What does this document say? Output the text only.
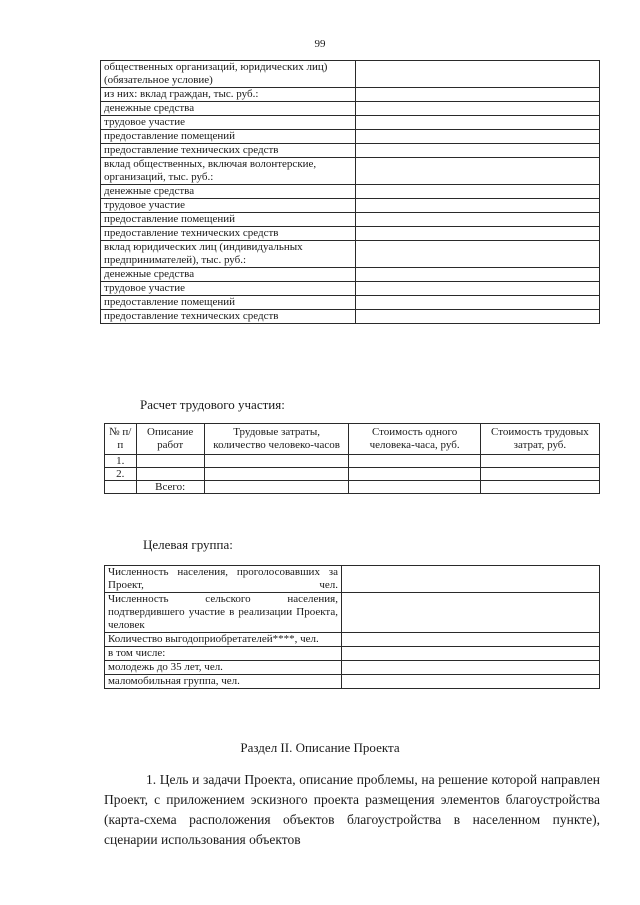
99
общественных организаций, юридических лиц) (обязательное условие)	
из них: вклад граждан, тыс. руб.:	
денежные средства	
трудовое участие	
предоставление помещений	
предоставление технических средств	
вклад общественных, включая волонтерские, организаций, тыс. руб.:	
денежные средства	
трудовое участие	
предоставление помещений	
предоставление технических средств	
вклад юридических лиц (индивидуальных предпринимателей), тыс. руб.:	
денежные средства	
трудовое участие	
предоставление помещений	
предоставление технических средств	
Расчет трудового участия:
№ п/п	Описание работ	Трудовые затраты, количество человеко-часов	Стоимость одного человека-часа, руб.	Стоимость трудовых затрат, руб.
1.				
2.				
	Всего:			
Целевая группа:
Численность населения, проголосовавших за Проект, чел.	
Численность сельского населения, подтвердившего участие в реализации Проекта, человек	
Количество выгодоприобретателей****, чел.	
в том числе:	
молодежь до 35 лет, чел.	
маломобильная группа, чел.	
Раздел II. Описание Проекта
1. Цель и задачи Проекта, описание проблемы, на решение которой направлен Проект, с приложением эскизного проекта размещения элементов благоустройства (карта-схема расположения объектов благоустройства в населенном пункте), сценарии использования объектов
